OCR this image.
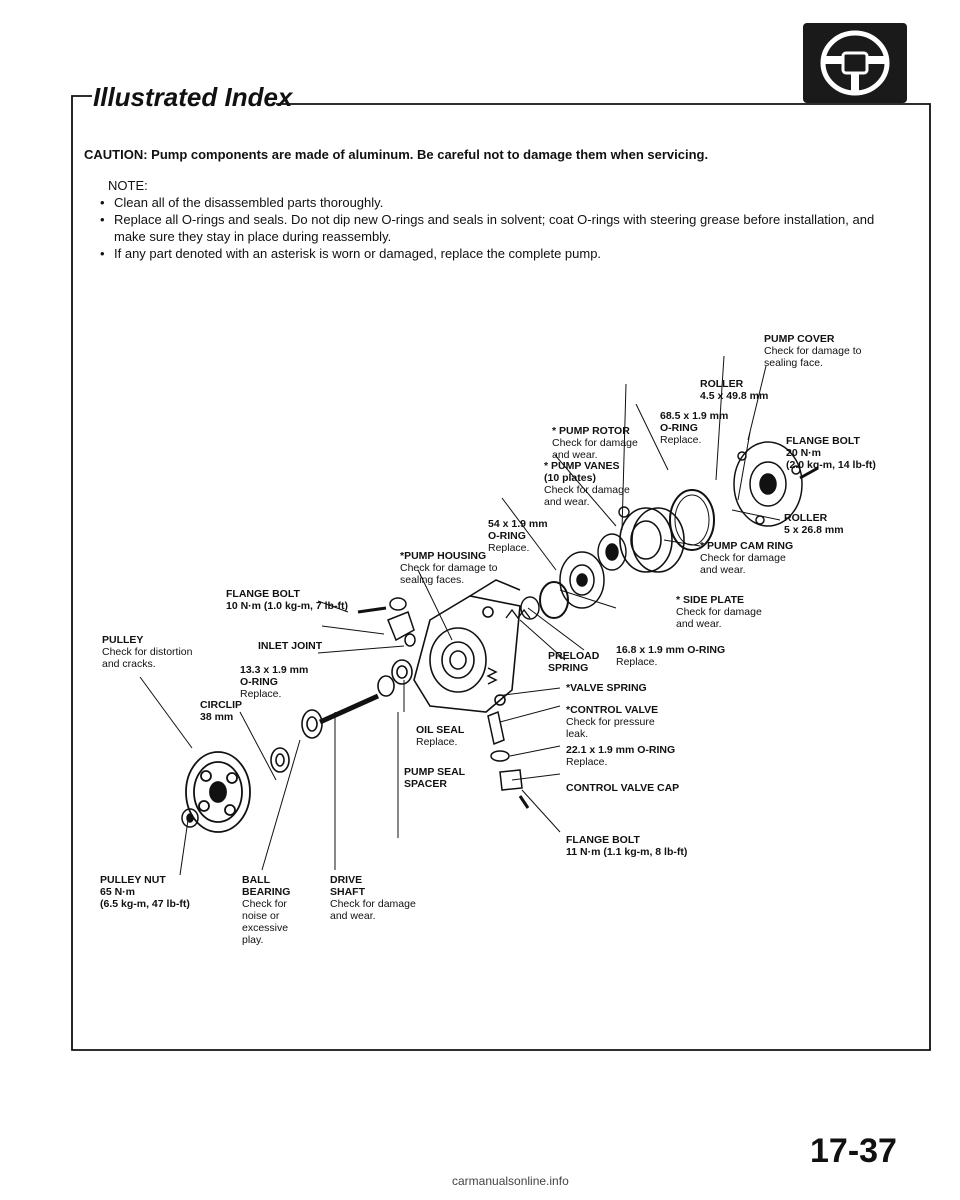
Illustrated Index
CAUTION: Pump components are made of aluminum. Be careful not to damage them when servicing.
NOTE:
• Clean all of the disassembled parts thoroughly.
• Replace all O-rings and seals. Do not dip new O-rings and seals in solvent; coat O-rings with steering grease before installation, and make sure they stay in place during reassembly.
• If any part denoted with an asterisk is worn or damaged, replace the complete pump.
PUMP COVER
Check for damage to
sealing face.
ROLLER
4.5 x 49.8 mm
68.5 x 1.9 mm
O-RING
Replace.
* PUMP ROTOR
Check for damage
and wear.
FLANGE BOLT
20 N·m
(2.0 kg-m, 14 lb-ft)
* PUMP VANES
(10 plates)
Check for damage
and wear.
54 x 1.9 mm
O-RING
Replace.
ROLLER
5 x 26.8 mm
*PUMP HOUSING
Check for damage to
sealing faces.
* PUMP CAM RING
Check for damage
and wear.
FLANGE BOLT
10 N·m (1.0 kg-m, 7 lb-ft)	* SIDE PLATE
Check for damage
and wear.
PULLEY
Check for distortion
and cracks.
INLET JOINT
13.3 x 1.9 mm
O-RING
Replace.
PRELOAD
SPRING
16.8 x 1.9 mm O-RING
Replace.
*VALVE SPRING
CIRCLIP
38 mm
OIL SEAL
Replace.
*CONTROL VALVE
Check for pressure
leak.
22.1 x 1.9 mm O-RING
Replace.
PUMP SEAL
SPACER	CONTROL VALVE CAP
FLANGE BOLT
11 N·m (1.1 kg-m, 8 lb-ft)
PULLEY NUT
65 N·m
(6.5 kg-m, 47 lb-ft)
BALL
BEARING
Check for
noise or
excessive
play.
DRIVE
SHAFT
Check for damage
and wear.
17-37
carmanualsonline.info
